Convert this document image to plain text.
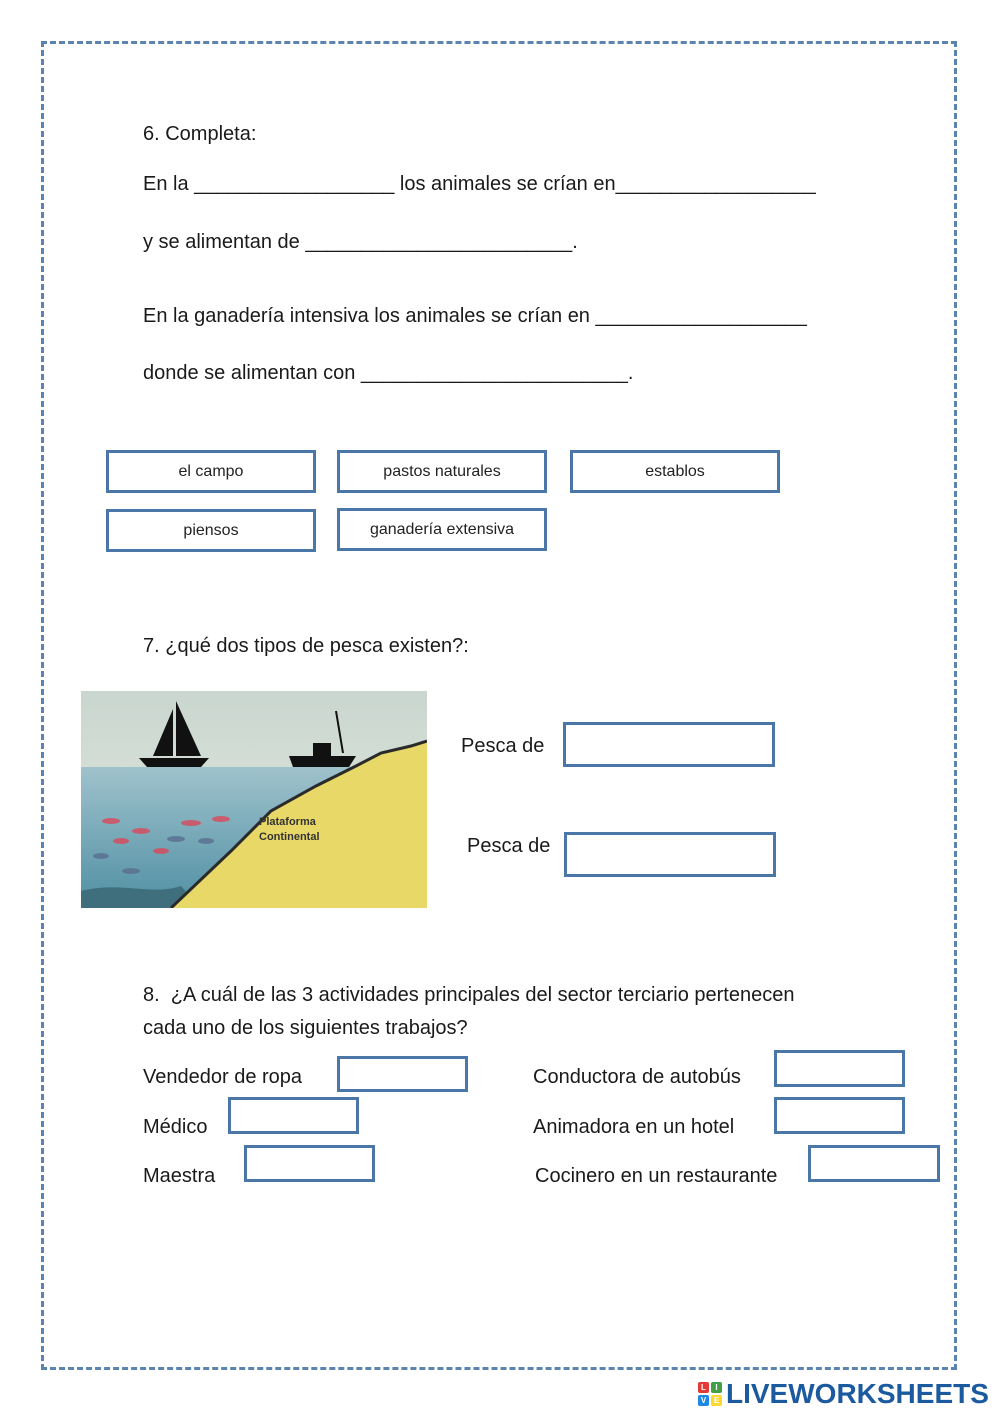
6. Completa:
En la __________________ los animales se crían en__________________
y se alimentan de ________________________.
En la ganadería intensiva los animales se crían en ___________________
donde se alimentan con ________________________.
el campo	pastos naturales	establos
piensos	ganadería extensiva
7. ¿qué dos tipos de pesca existen?:
Plataforma
Continental
Pesca de
Pesca de
8.  ¿A cuál de las 3 actividades principales del sector terciario pertenecen
cada uno de los siguientes trabajos?
Vendedor de ropa
Médico
Maestra
Conductora de autobús
Animadora en un hotel
Cocinero en un restaurante
L	I
V E LIVEWORKSHEETS
